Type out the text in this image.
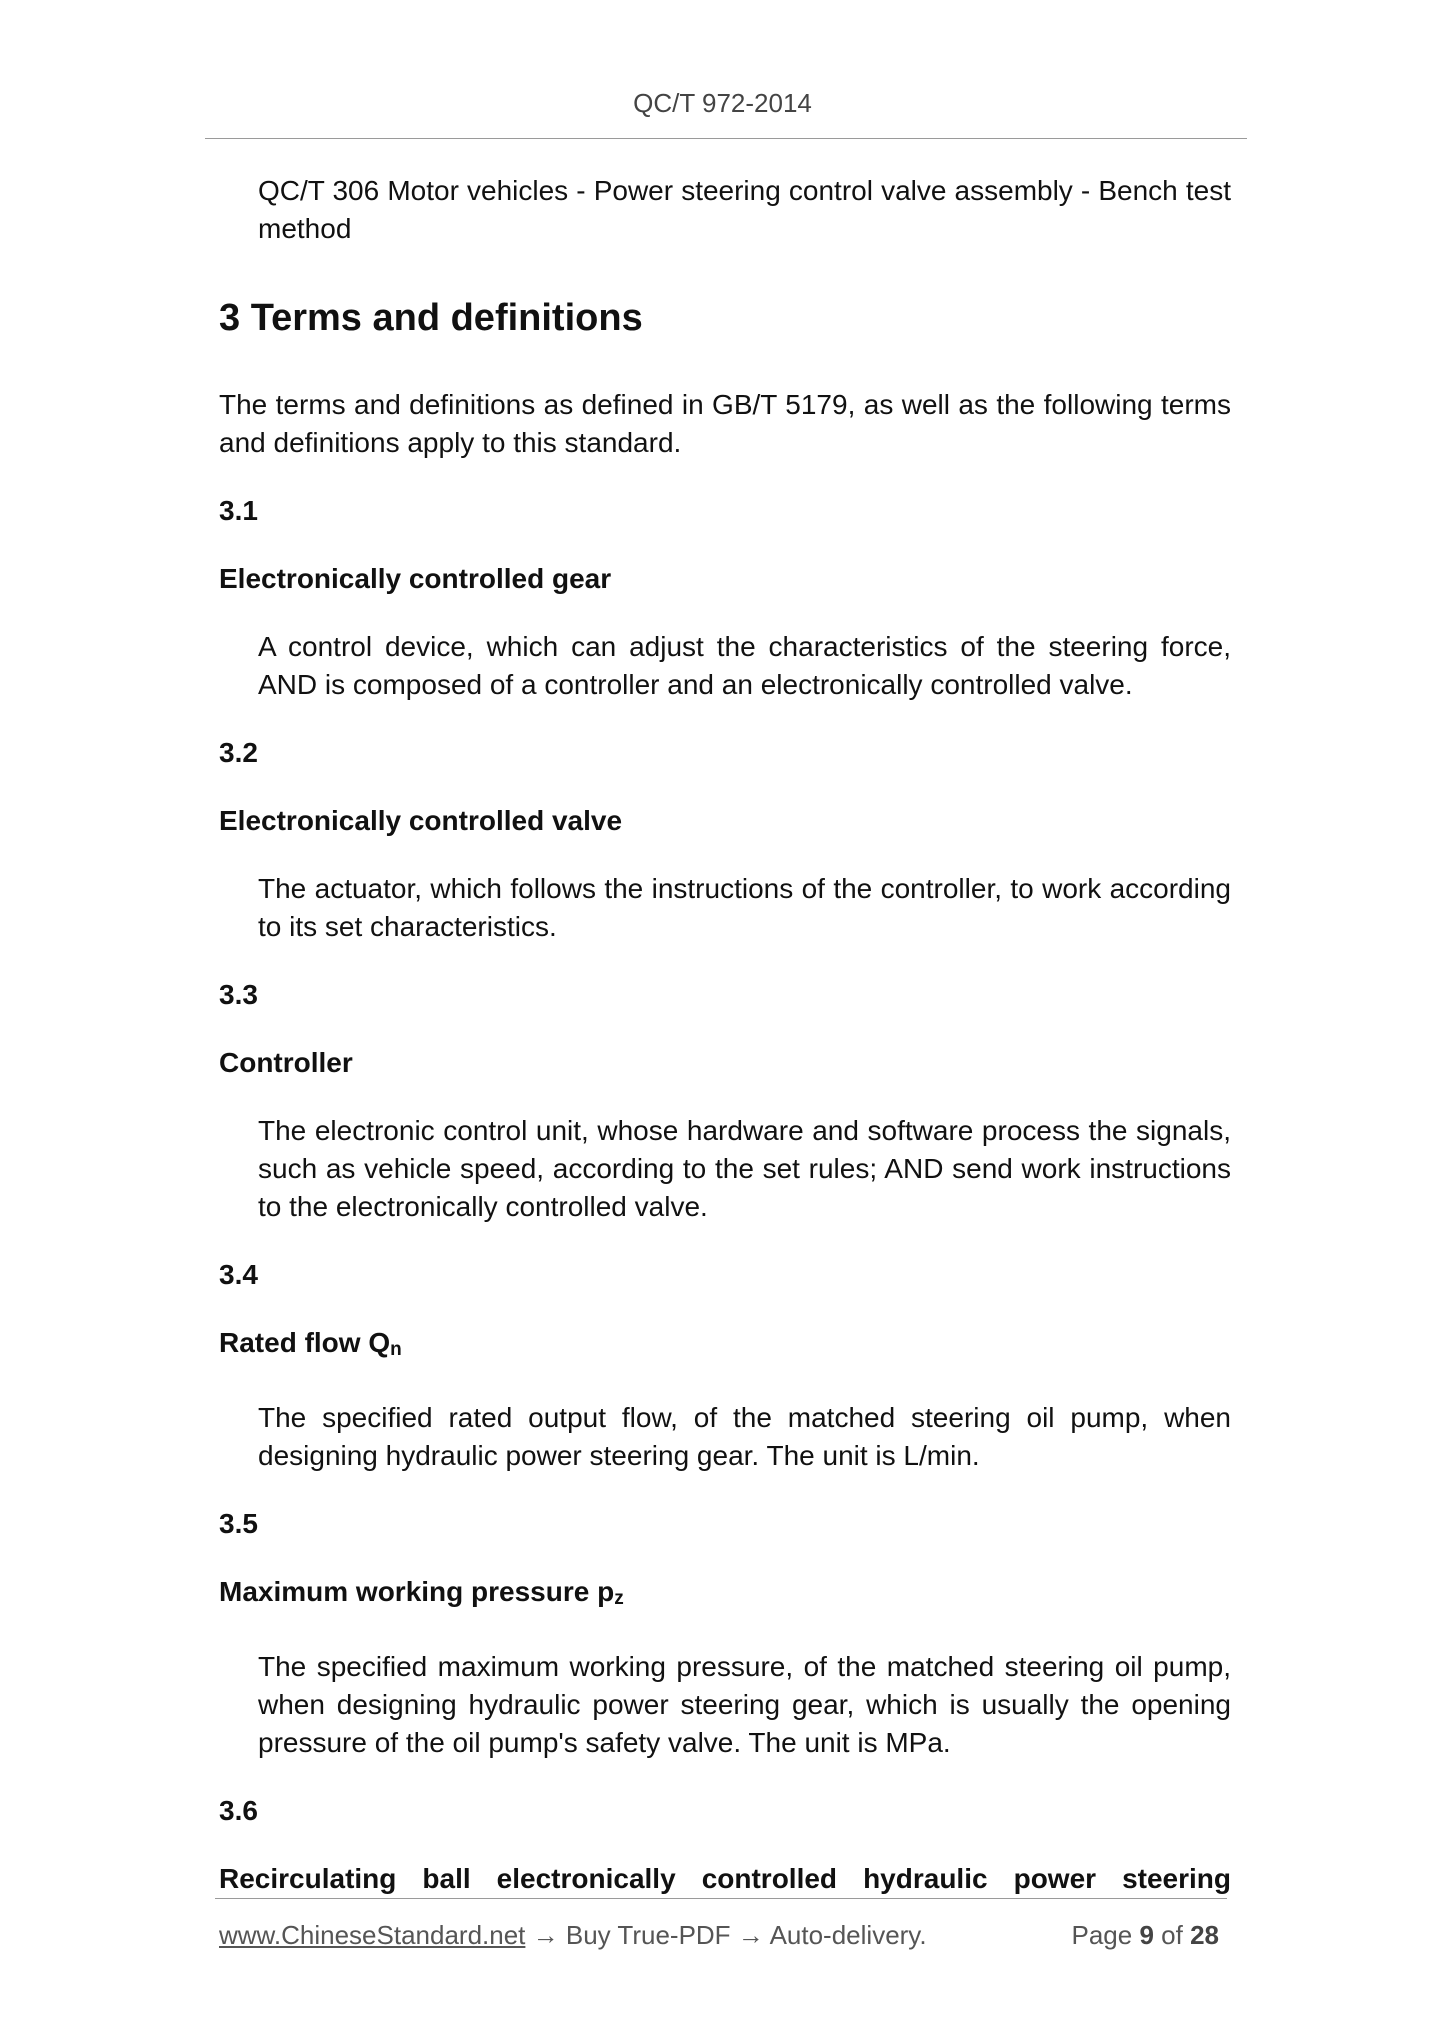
QC/T 972-2014

QC/T 306 Motor vehicles - Power steering control valve assembly - Bench test method

3 Terms and definitions

The terms and definitions as defined in GB/T 5179, as well as the following terms and definitions apply to this standard.

3.1

Electronically controlled gear

A control device, which can adjust the characteristics of the steering force, AND is composed of a controller and an electronically controlled valve.

3.2

Electronically controlled valve

The actuator, which follows the instructions of the controller, to work according to its set characteristics.

3.3

Controller

The electronic control unit, whose hardware and software process the signals, such as vehicle speed, according to the set rules; AND send work instructions to the electronically controlled valve.

3.4

Rated flow $Q_n$

The specified rated output flow, of the matched steering oil pump, when designing hydraulic power steering gear. The unit is L/min.

3.5

Maximum working pressure $p_z$

The specified maximum working pressure, of the matched steering oil pump, when designing hydraulic power steering gear, which is usually the opening pressure of the oil pump's safety valve. The unit is MPa.

3.6

Recirculating ball electronically controlled hydraulic power steering

www.ChineseStandard.net → Buy True-PDF → Auto-delivery.	Page 9 of 28
